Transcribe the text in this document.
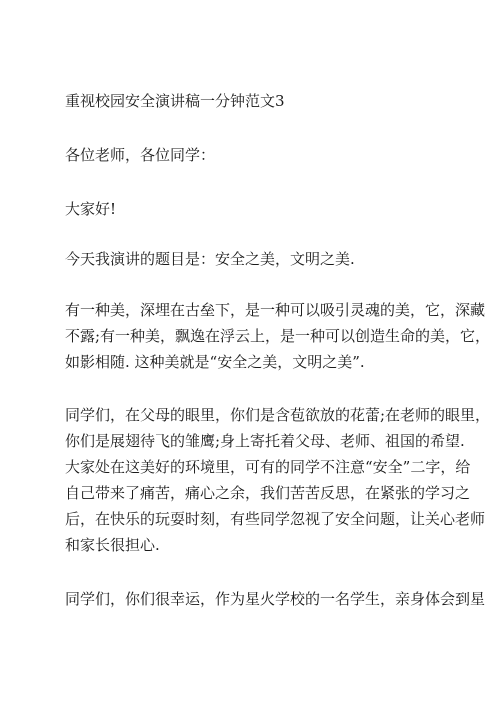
重视校园安全演讲稿一分钟范文3
各位老师，各位同学：
大家好!
今天我演讲的题目是：安全之美，文明之美.
有一种美，深埋在古垒下，是一种可以吸引灵魂的美，它，深藏
不露;有一种美，飘逸在浮云上，是一种可以创造生命的美，它，
如影相随. 这种美就是“安全之美，文明之美”.
同学们，在父母的眼里，你们是含苞欲放的花蕾;在老师的眼里，
你们是展翅待飞的雏鹰;身上寄托着父母、老师、祖国的希望.
大家处在这美好的环境里，可有的同学不注意“安全”二字，给
自己带来了痛苦，痛心之余，我们苦苦反思，在紧张的学习之
后，在快乐的玩耍时刻，有些同学忽视了安全问题，让关心老师
和家长很担心.
同学们，你们很幸运，作为星火学校的一名学生，亲身体会到星
